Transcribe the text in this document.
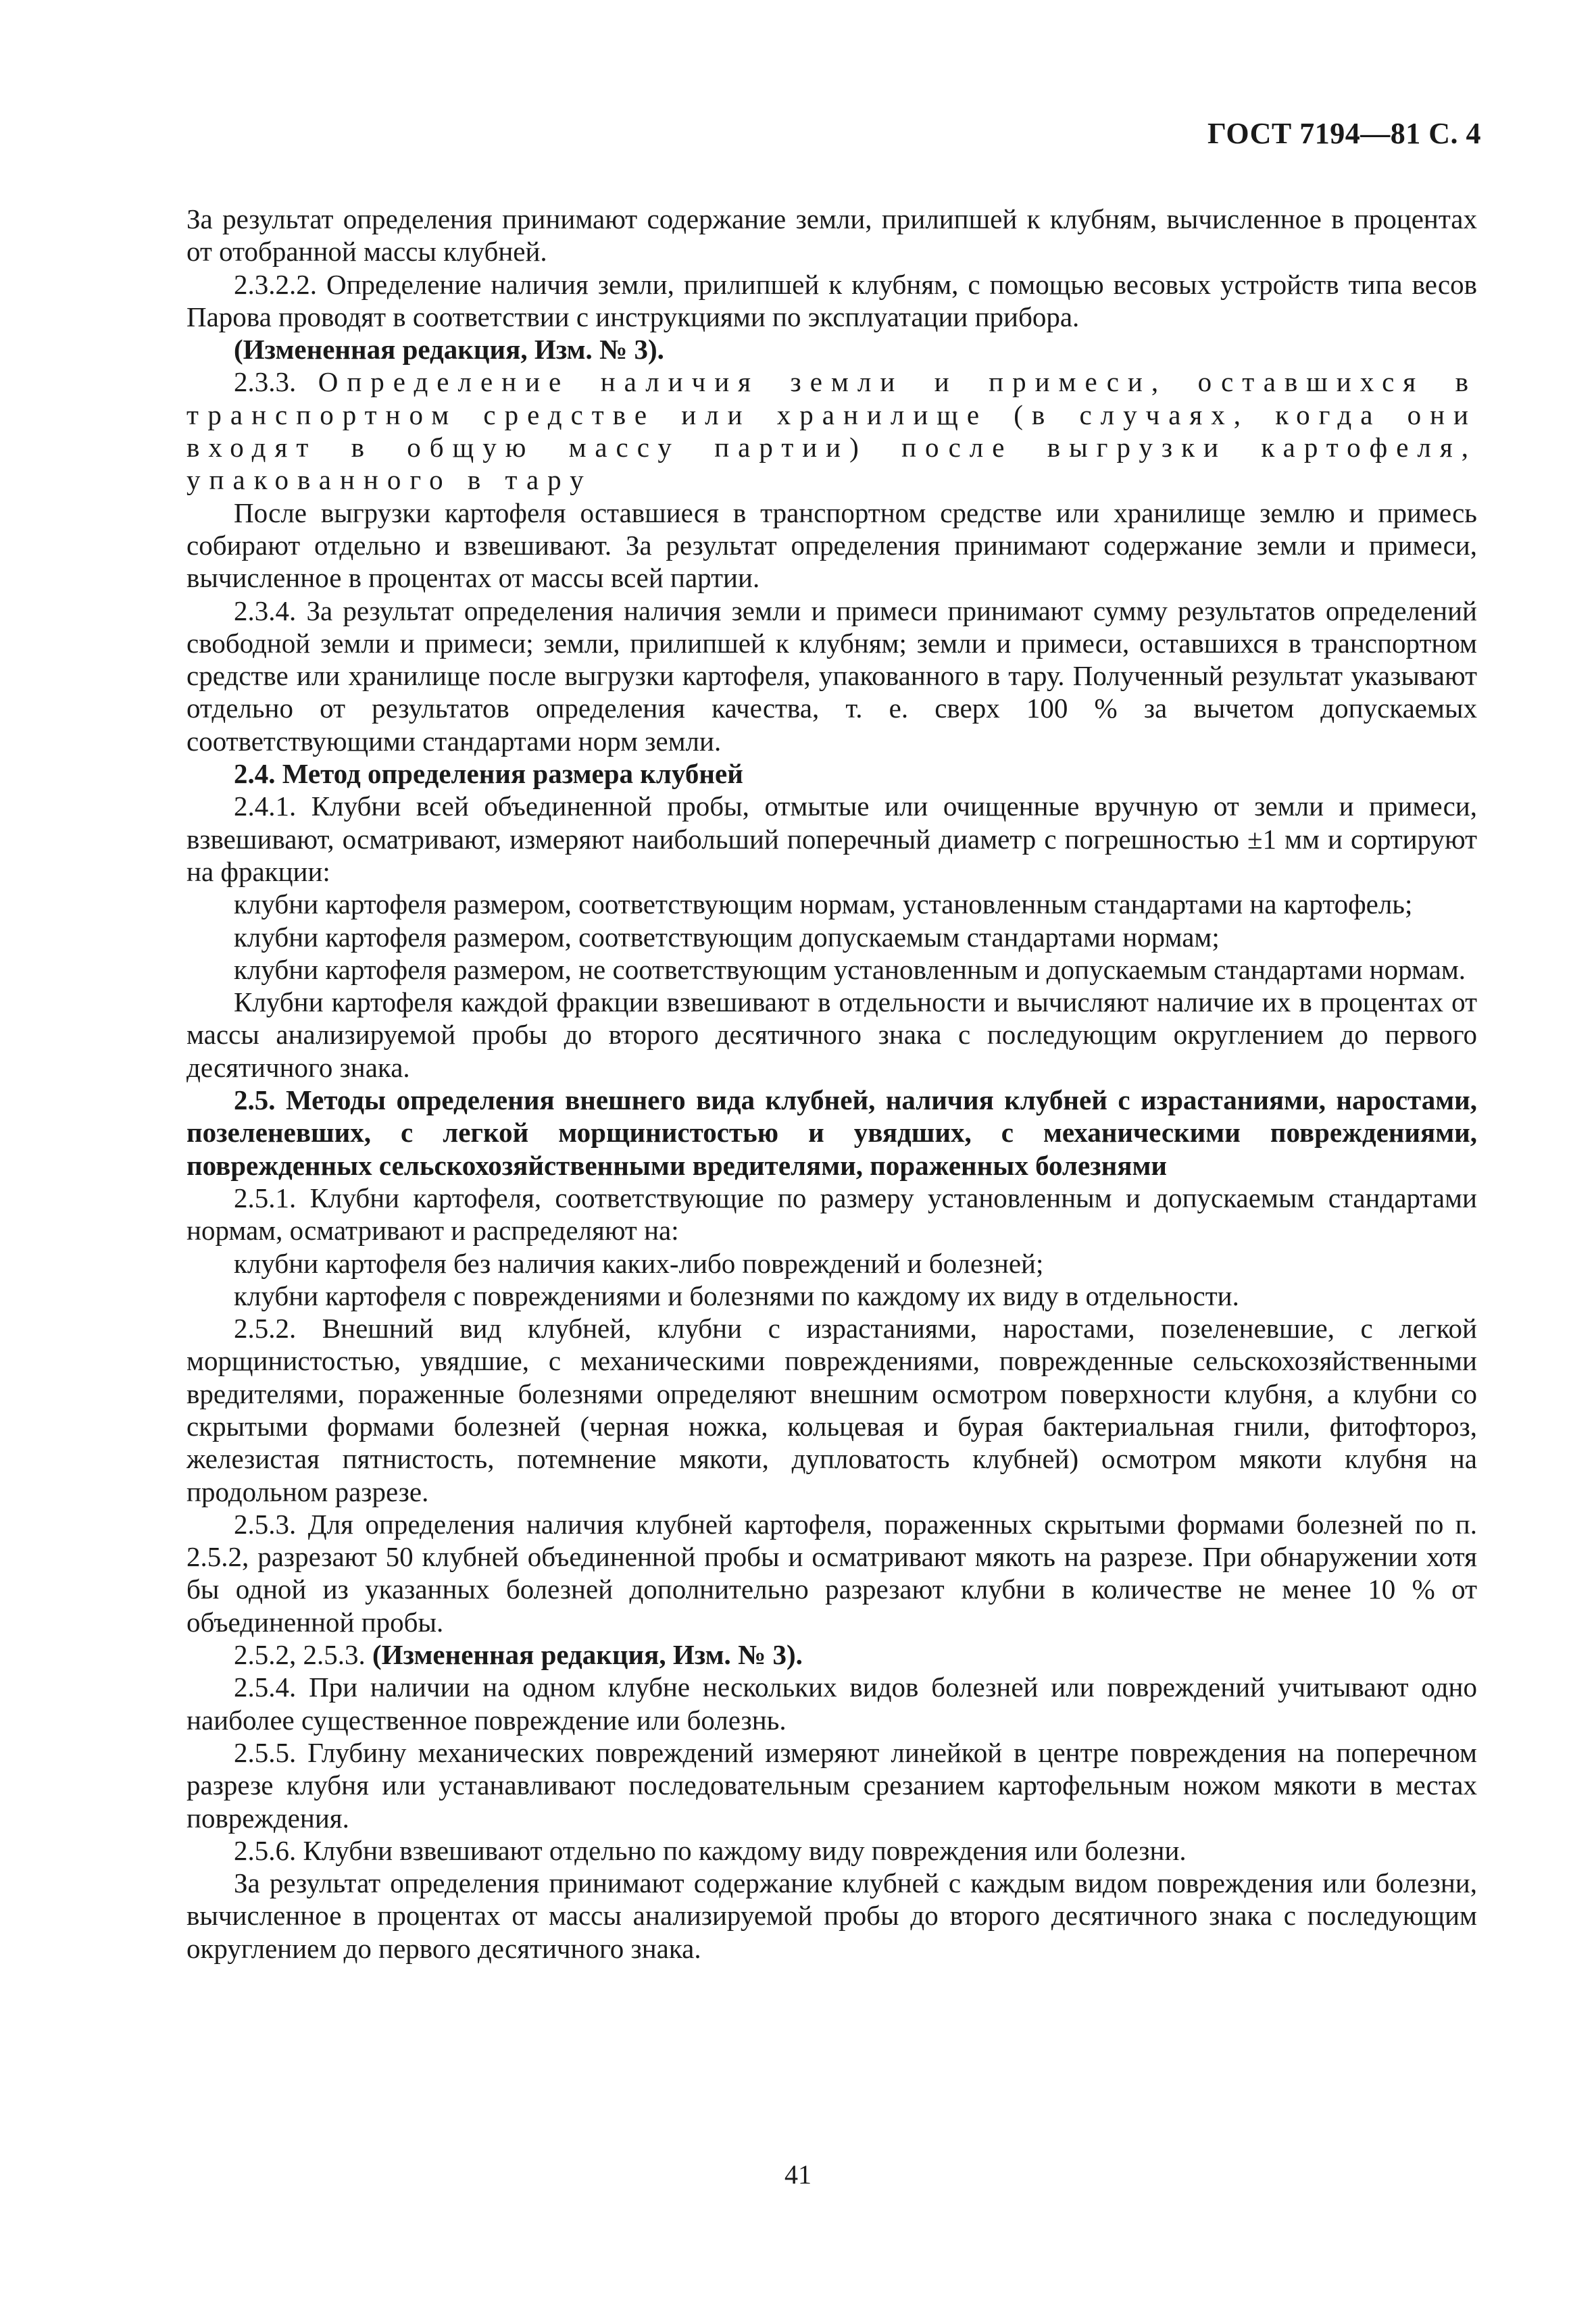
ГОСТ 7194—81 С. 4

За результат определения принимают содержание земли, прилипшей к клубням, вычисленное в процентах от отобранной массы клубней.

2.3.2.2. Определение наличия земли, прилипшей к клубням, с помощью весовых устройств типа весов Парова проводят в соответствии с инструкциями по эксплуатации прибора.

(Измененная редакция, Изм. № 3).

2.3.3. Определение наличия земли и примеси, оставшихся в транспортном средстве или хранилище (в случаях, когда они входят в общую массу партии) после выгрузки картофеля, упакованного в тару

После выгрузки картофеля оставшиеся в транспортном средстве или хранилище землю и примесь собирают отдельно и взвешивают. За результат определения принимают содержание земли и примеси, вычисленное в процентах от массы всей партии.

2.3.4. За результат определения наличия земли и примеси принимают сумму результатов определений свободной земли и примеси; земли, прилипшей к клубням; земли и примеси, оставшихся в транспортном средстве или хранилище после выгрузки картофеля, упакованного в тару. Полученный результат указывают отдельно от результатов определения качества, т. е. сверх 100 % за вычетом допускаемых соответствующими стандартами норм земли.

2.4. Метод определения размера клубней

2.4.1. Клубни всей объединенной пробы, отмытые или очищенные вручную от земли и примеси, взвешивают, осматривают, измеряют наибольший поперечный диаметр с погрешностью ±1 мм и сортируют на фракции:

клубни картофеля размером, соответствующим нормам, установленным стандартами на картофель;

клубни картофеля размером, соответствующим допускаемым стандартами нормам;

клубни картофеля размером, не соответствующим установленным и допускаемым стандартами нормам.

Клубни картофеля каждой фракции взвешивают в отдельности и вычисляют наличие их в процентах от массы анализируемой пробы до второго десятичного знака с последующим округлением до первого десятичного знака.

2.5. Методы определения внешнего вида клубней, наличия клубней с израстаниями, наростами, позеленевших, с легкой морщинистостью и увядших, с механическими повреждениями, поврежденных сельскохозяйственными вредителями, пораженных болезнями

2.5.1. Клубни картофеля, соответствующие по размеру установленным и допускаемым стандартами нормам, осматривают и распределяют на:

клубни картофеля без наличия каких-либо повреждений и болезней;

клубни картофеля с повреждениями и болезнями по каждому их виду в отдельности.

2.5.2. Внешний вид клубней, клубни с израстаниями, наростами, позеленевшие, с легкой морщинистостью, увядшие, с механическими повреждениями, поврежденные сельскохозяйственными вредителями, пораженные болезнями определяют внешним осмотром поверхности клубня, а клубни со скрытыми формами болезней (черная ножка, кольцевая и бурая бактериальная гнили, фитофтороз, железистая пятнистость, потемнение мякоти, дупловатость клубней) осмотром мякоти клубня на продольном разрезе.

2.5.3. Для определения наличия клубней картофеля, пораженных скрытыми формами болезней по п. 2.5.2, разрезают 50 клубней объединенной пробы и осматривают мякоть на разрезе. При обнаружении хотя бы одной из указанных болезней дополнительно разрезают клубни в количестве не менее 10 % от объединенной пробы.

2.5.2, 2.5.3. (Измененная редакция, Изм. № 3).

2.5.4. При наличии на одном клубне нескольких видов болезней или повреждений учитывают одно наиболее существенное повреждение или болезнь.

2.5.5. Глубину механических повреждений измеряют линейкой в центре повреждения на поперечном разрезе клубня или устанавливают последовательным срезанием картофельным ножом мякоти в местах повреждения.

2.5.6. Клубни взвешивают отдельно по каждому виду повреждения или болезни.

За результат определения принимают содержание клубней с каждым видом повреждения или болезни, вычисленное в процентах от массы анализируемой пробы до второго десятичного знака с последующим округлением до первого десятичного знака.

41
